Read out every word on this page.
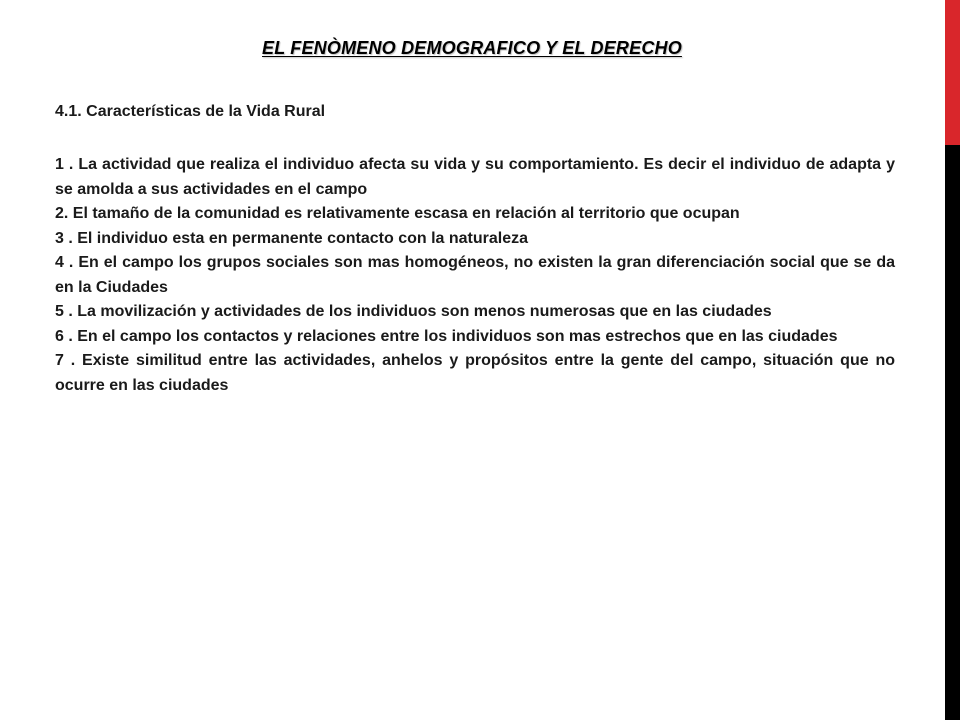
EL FENÒMENO DEMOGRAFICO Y EL DERECHO
4.1. Características de la Vida Rural
1 . La actividad que realiza el individuo afecta su vida y su comportamiento. Es decir el individuo de adapta y se amolda a sus actividades en el campo
2. El tamaño de la comunidad es relativamente escasa en relación al territorio que ocupan
3 . El individuo esta en permanente contacto con la naturaleza
4 . En el campo los grupos sociales son mas homogéneos, no existen la gran diferenciación social que se da en la Ciudades
5 . La movilización y actividades de los individuos son menos numerosas que en las ciudades
6 . En el campo los contactos y relaciones entre los individuos son mas estrechos que en las ciudades
7 . Existe similitud entre las actividades, anhelos y propósitos entre la gente del campo, situación que no ocurre en las ciudades
